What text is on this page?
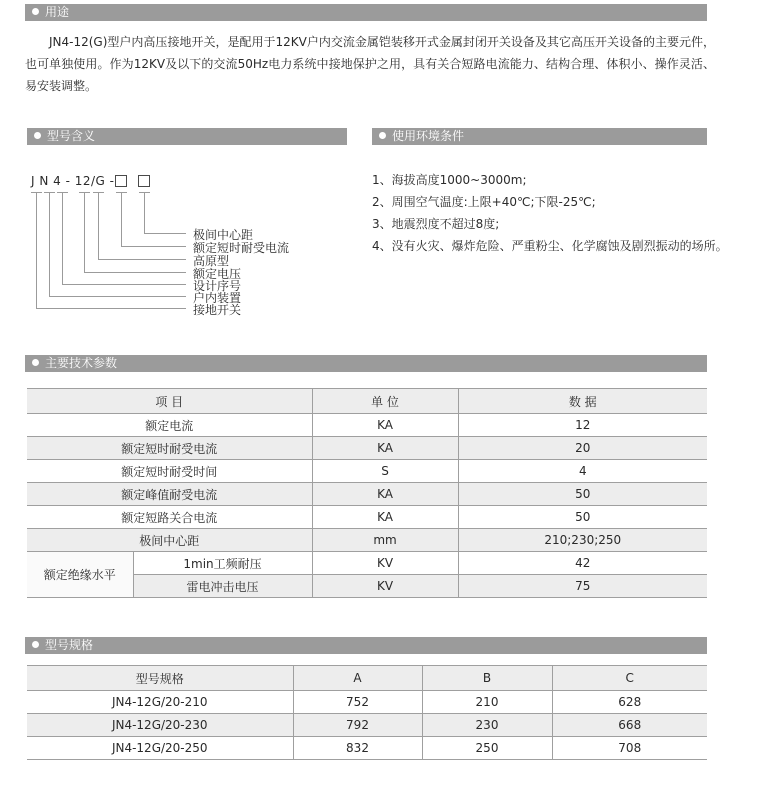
用途
JN4-12(G)型户内高压接地开关，是配用于12KV户内交流金属铠装移开式金属封闭开关设备及其它高压开关设备的主要元件，也可单独使用。作为12KV及以下的交流50Hz电力系统中接地保护之用，具有关合短路电流能力、结构合理、体积小、操作灵活、易安装调整。
型号含义
J N 4 - 12/G -
极间中心距
额定短时耐受电流
高原型
额定电压
设计序号
户内装置
接地开关
使用环境条件
1、海拔高度1000~3000m;
2、周围空气温度:上限+40℃;下限-25℃;
3、地震烈度不超过8度;
4、没有火灾、爆炸危险、严重粉尘、化学腐蚀及剧烈振动的场所。
主要技术参数
项 目		单 位	数 据
额定电流		KA	12
额定短时耐受电流		KA	20
额定短时耐受时间		S	4
额定峰值耐受电流		KA	50
额定短路关合电流		KA	50
极间中心距		mm	210;230;250
额定绝缘水平	1min工频耐压	KV	42
	雷电冲击电压	KV	75
型号规格
型号规格	A	B	C
JN4-12G/20-210	752	210	628
JN4-12G/20-230	792	230	668
JN4-12G/20-250	832	250	708
